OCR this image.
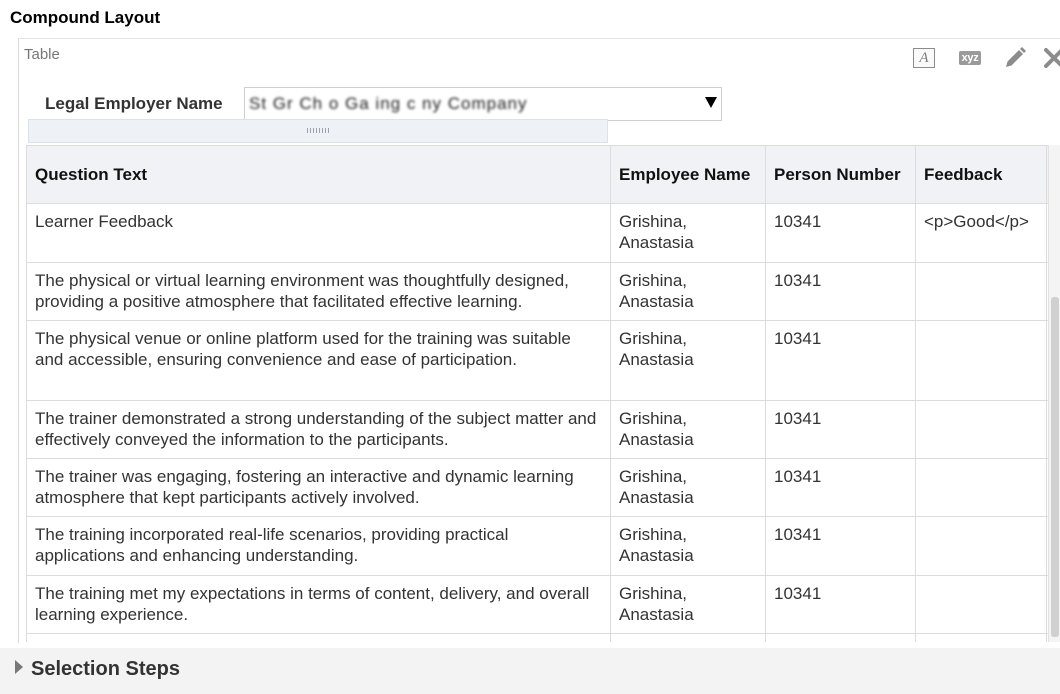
Compound Layout
Table	A	xyz
Legal Employer Name St Gr Ch o Ga ing c ny Company
Question Text	Employee Name	Person Number	Feedback	
Learner Feedback	Grishina, Anastasia	10341	<p>Good</p>	
The physical or virtual learning environment was thoughtfully designed, providing a positive atmosphere that facilitated effective learning.	Grishina, Anastasia	10341		
The physical venue or online platform used for the training was suitable and accessible, ensuring convenience and ease of participation.	Grishina, Anastasia	10341		
The trainer demonstrated a strong understanding of the subject matter and effectively conveyed the information to the participants.	Grishina, Anastasia	10341		
The trainer was engaging, fostering an interactive and dynamic learning atmosphere that kept participants actively involved.	Grishina, Anastasia	10341		
The training incorporated real-life scenarios, providing practical applications and enhancing understanding.	Grishina, Anastasia	10341		
The training met my expectations in terms of content, delivery, and overall learning experience.	Grishina, Anastasia	10341		

Selection Steps
